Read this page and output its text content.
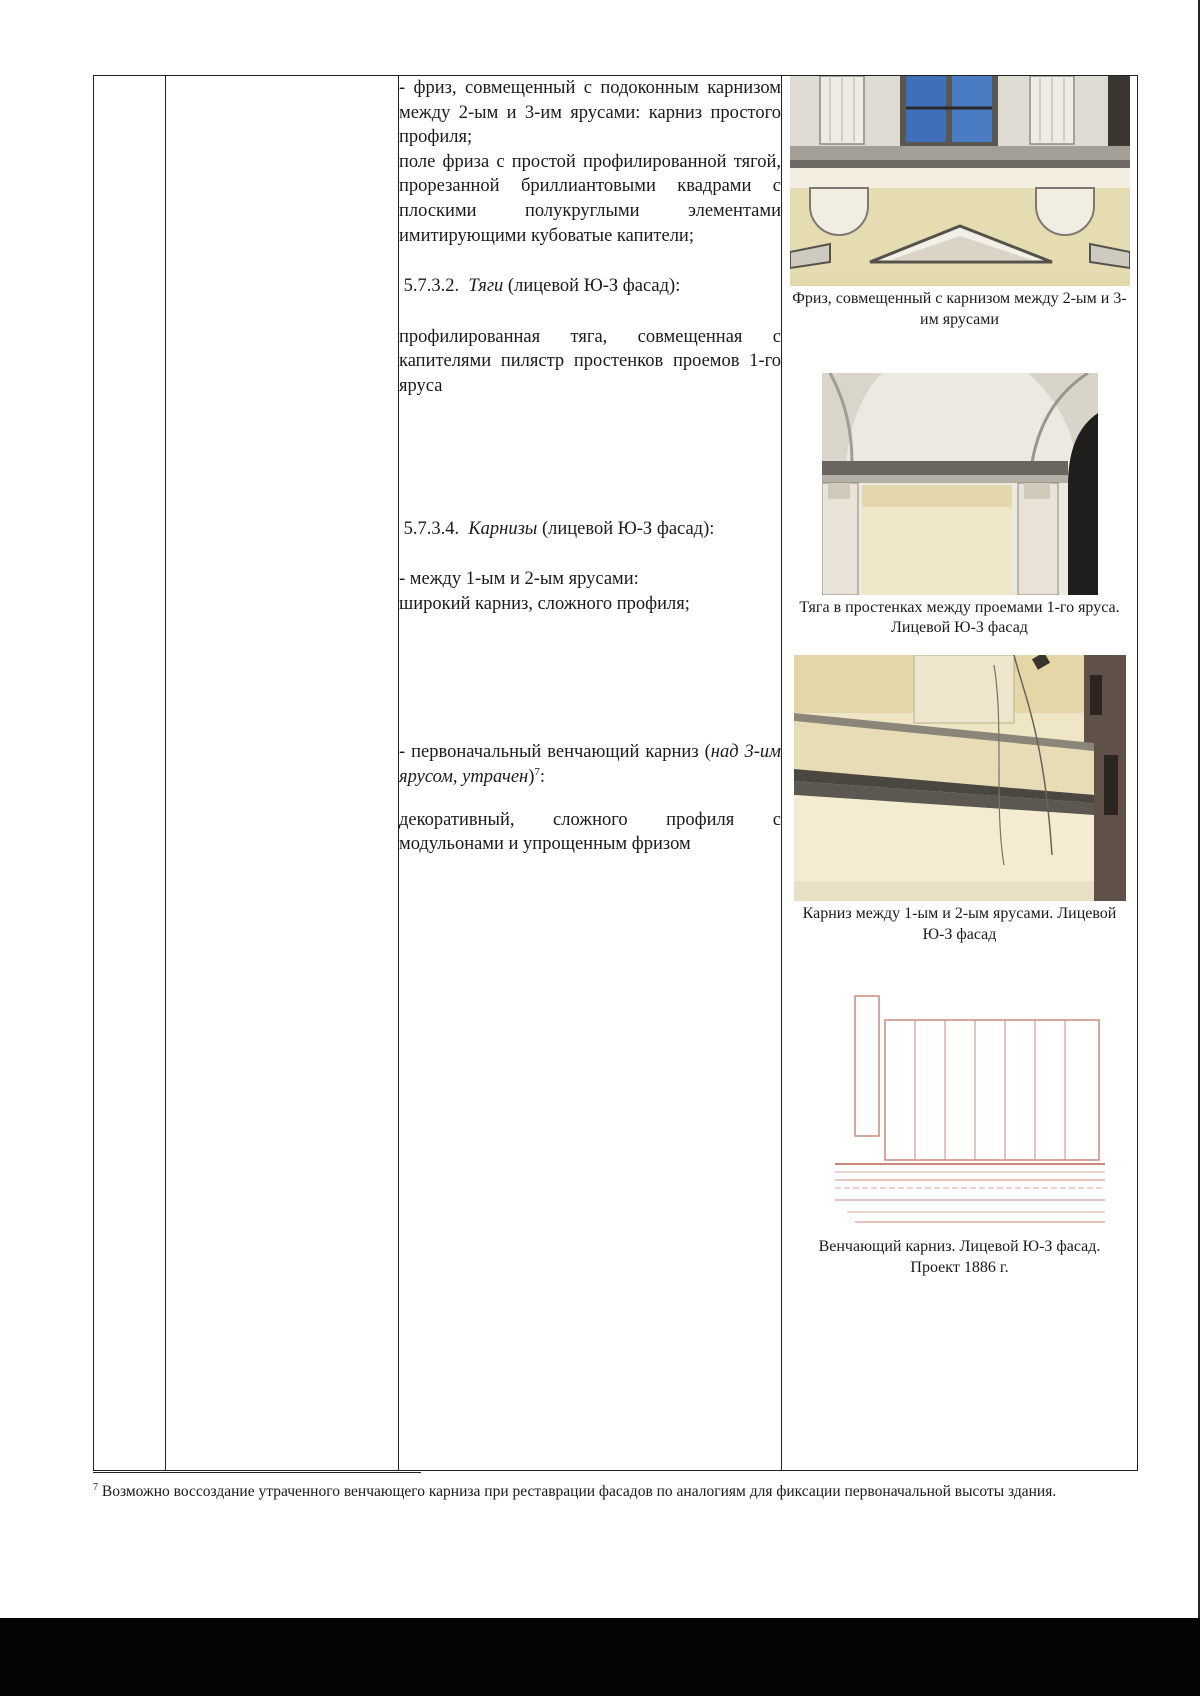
- фриз, совмещенный с подоконным карнизом между 2-ым и 3-им ярусами: карниз простого профиля;

поле фриза с простой профилированной тягой, прорезанной бриллиантовыми квадрами с плоскими полукруглыми элементами имитирующими кубоватые капители;

5.7.3.2. Тяги (лицевой Ю-З фасад):

профилированная тяга, совмещенная с капителями пилястр простенков проемов 1-го яруса

5.7.3.4. Карнизы (лицевой Ю-З фасад):

- между 1-ым и 2-ым ярусами:

широкий карниз, сложного профиля;

- первоначальный венчающий карниз (над 3-им ярусом, утрачен)$^7$:

декоративный, сложного профиля с модульонами и упрощенным фризом

Фриз, совмещенный с карнизом между 2-ым и 3-им ярусами
Тяга в простенках между проемами 1-го яруса. Лицевой Ю-З фасад
Карниз между 1-ым и 2-ым ярусами. Лицевой Ю-З фасад
Венчающий карниз. Лицевой Ю-З фасад. Проект 1886 г.
$^7$ Возможно воссоздание утраченного венчающего карниза при реставрации фасадов по аналогиям для фиксации первоначальной высоты здания.
